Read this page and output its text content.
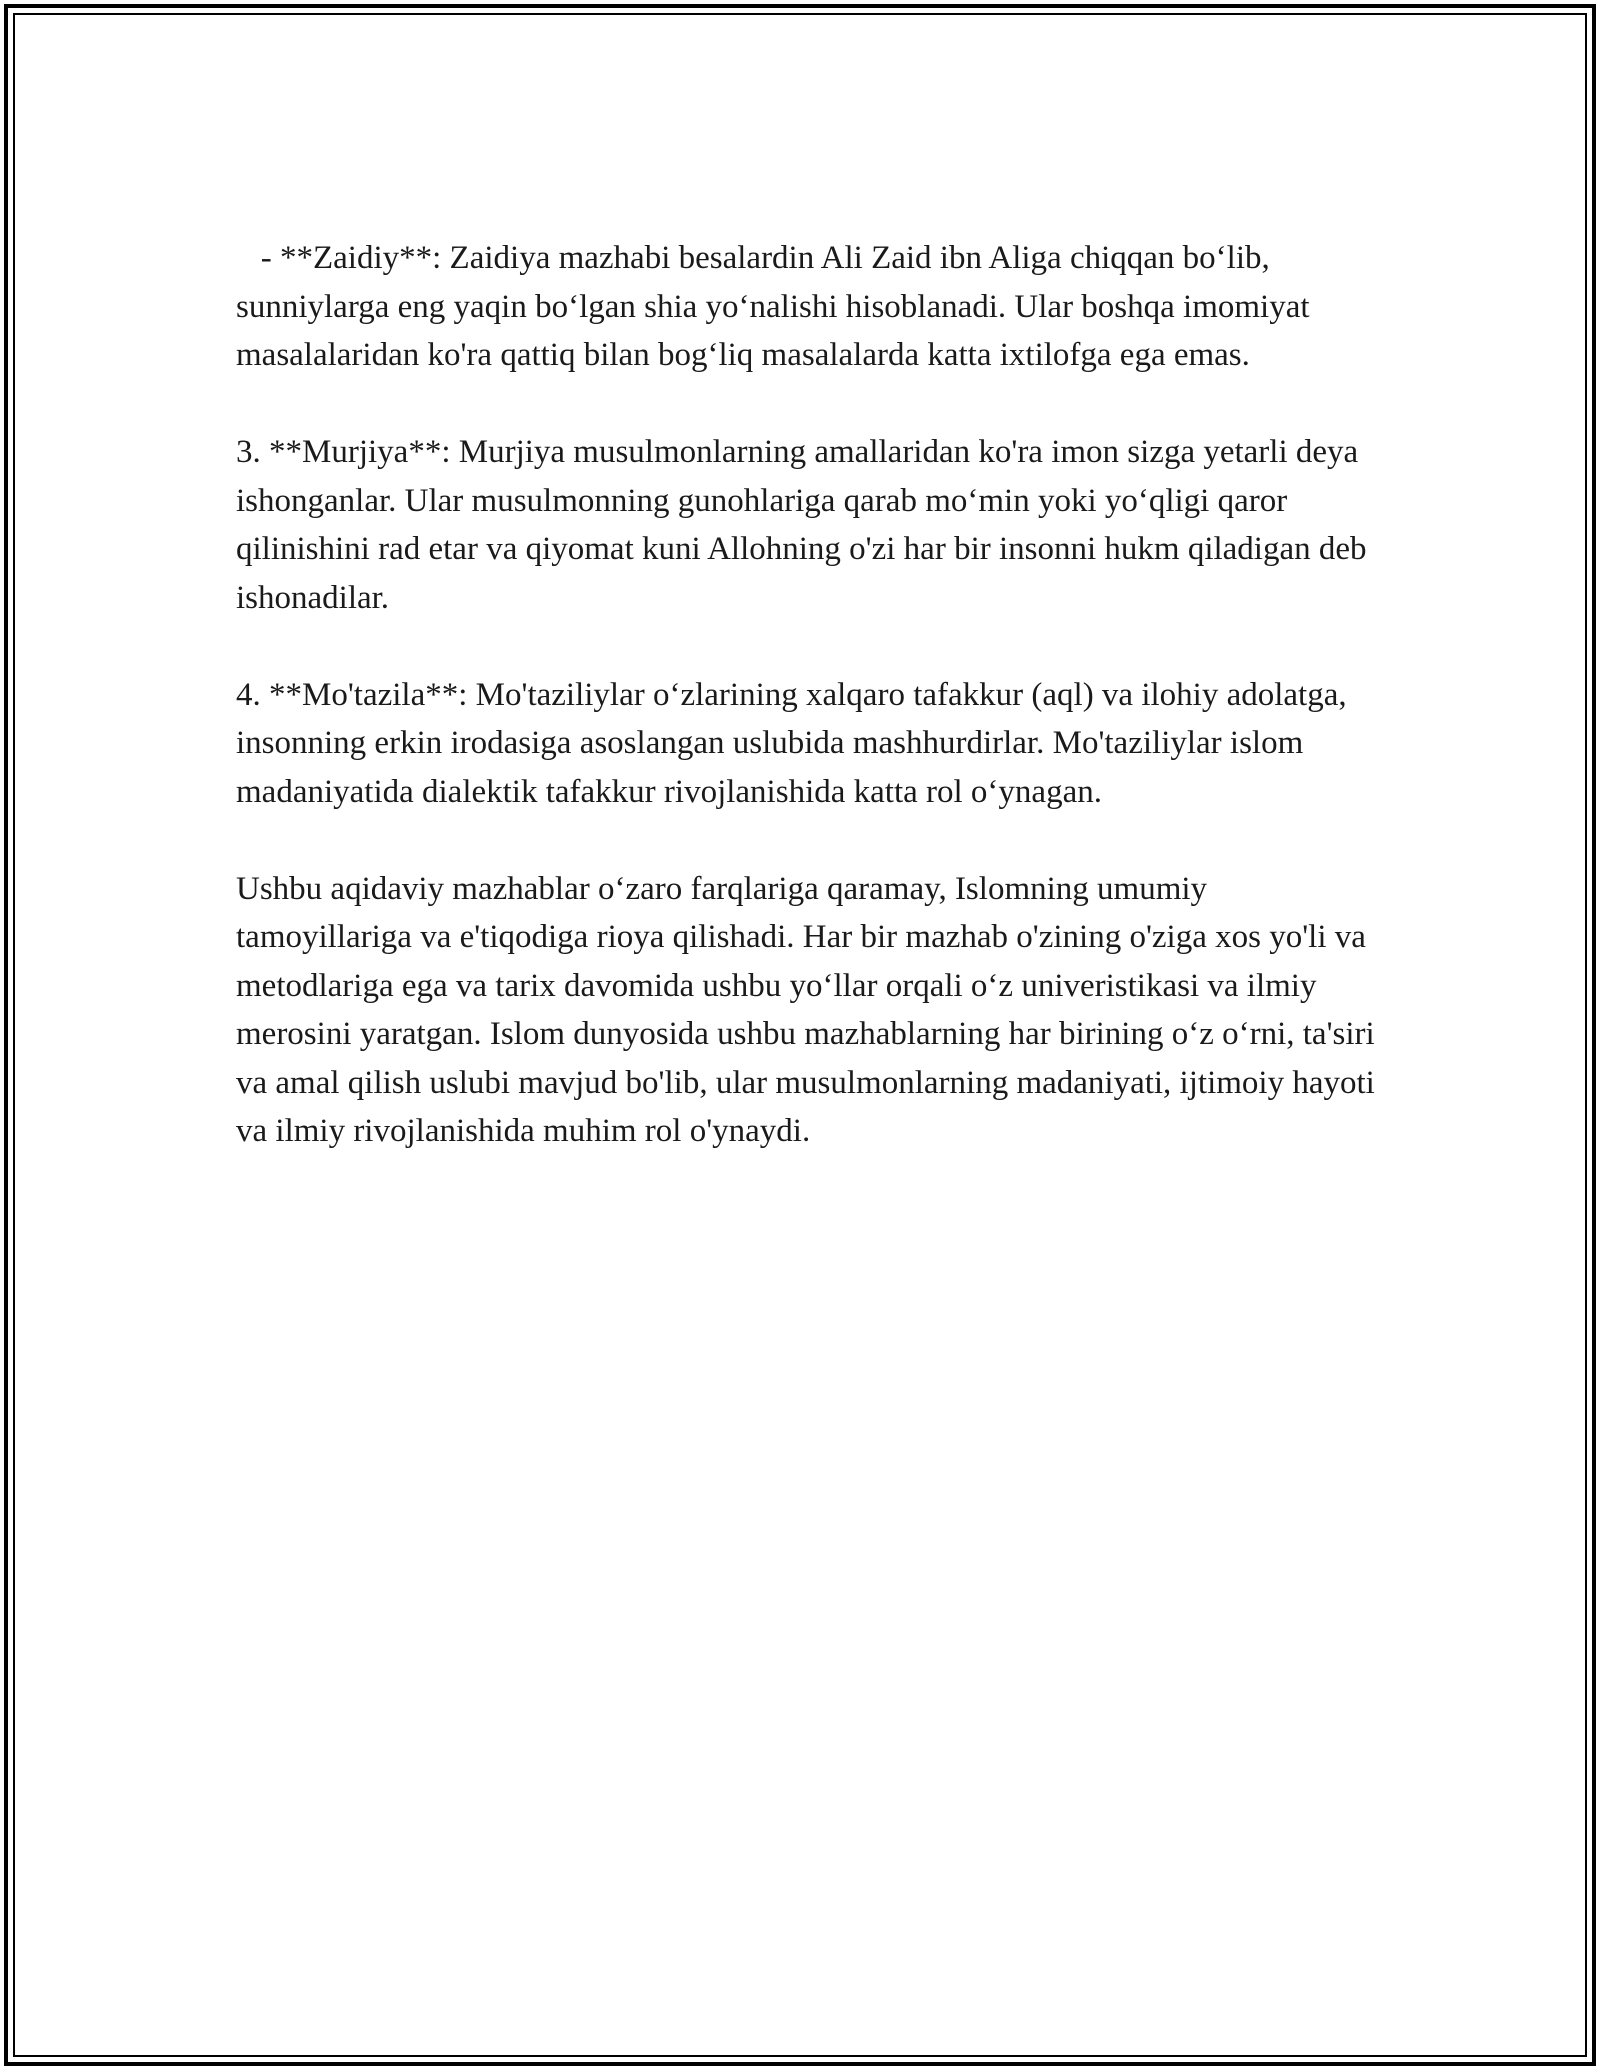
- **Zaidiy**: Zaidiya mazhabi besalardin Ali Zaid ibn Aliga chiqqan bo‘lib, sunniylarga eng yaqin bo‘lgan shia yo‘nalishi hisoblanadi. Ular boshqa imomiyat masalalaridan ko'ra qattiq bilan bog‘liq masalalarda katta ixtilofga ega emas.

3. **Murjiya**: Murjiya musulmonlarning amallaridan ko'ra imon sizga yetarli deya ishonganlar. Ular musulmonning gunohlariga qarab mo‘min yoki yo‘qligi qaror qilinishini rad etar va qiyomat kuni Allohning o'zi har bir insonni hukm qiladigan deb ishonadilar.

4. **Mo'tazila**: Mo'taziliylar o‘zlarining xalqaro tafakkur (aql) va ilohiy adolatga, insonning erkin irodasiga asoslangan uslubida mashhurdirlar. Mo'taziliylar islom madaniyatida dialektik tafakkur rivojlanishida katta rol o‘ynagan.

Ushbu aqidaviy mazhablar o‘zaro farqlariga qaramay, Islomning umumiy tamoyillariga va e'tiqodiga rioya qilishadi. Har bir mazhab o'zining o'ziga xos yo'li va metodlariga ega va tarix davomida ushbu yo‘llar orqali o‘z univeristikasi va ilmiy merosini yaratgan. Islom dunyosida ushbu mazhablarning har birining o‘z o‘rni, ta'siri va amal qilish uslubi mavjud bo'lib, ular musulmonlarning madaniyati, ijtimoiy hayoti va ilmiy rivojlanishida muhim rol o'ynaydi.
